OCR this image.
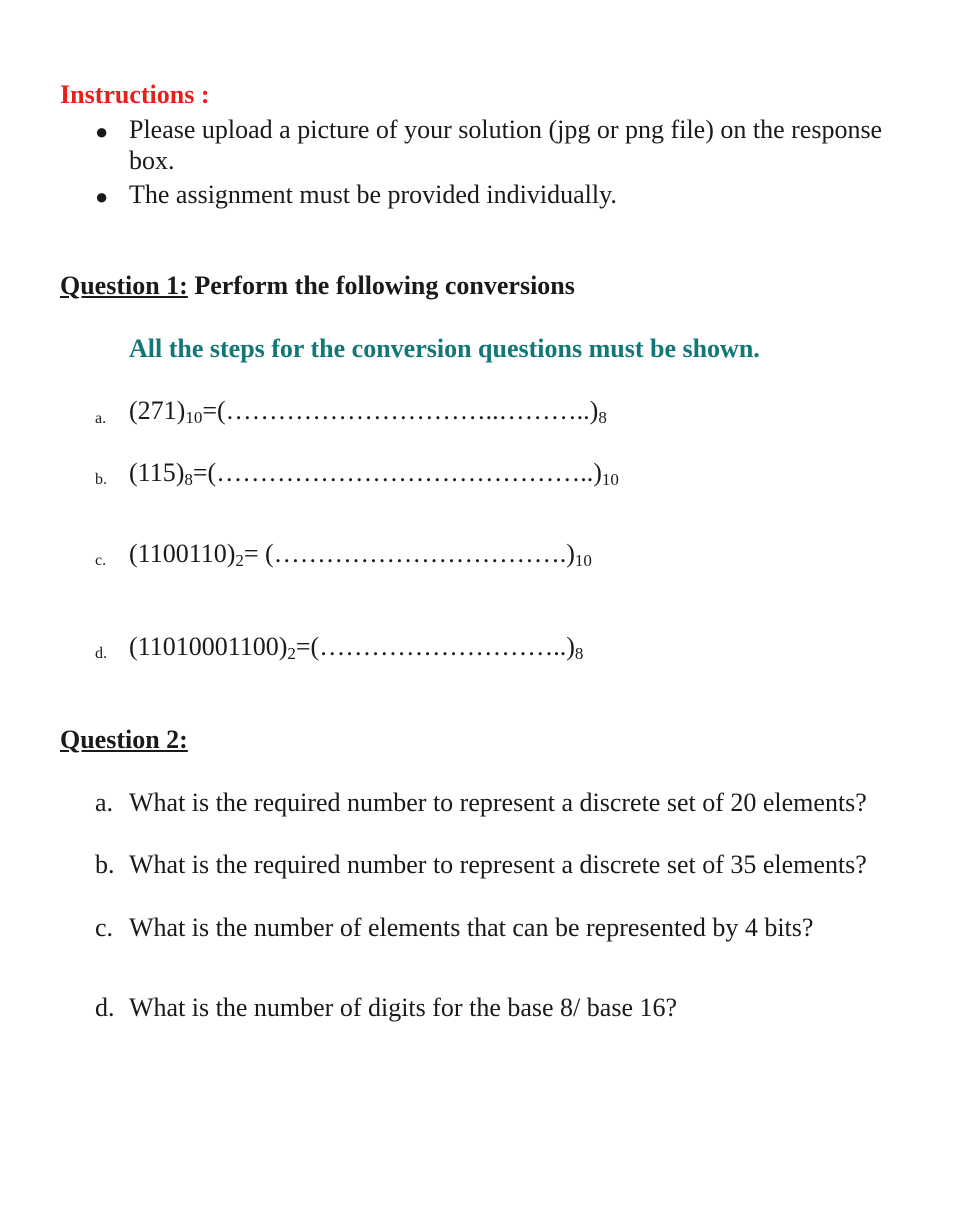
Instructions :
● Please upload a picture of your solution (jpg or png file) on the response box.
● The assignment must be provided individually.
Question 1: Perform the following conversions
All the steps for the conversion questions must be shown.
a. $(271)_{10}=(\dots\dots\dots\dots\dots\dots\dots\dots\dots\dots..\dots\dots\dots..)_8$
b. $(115)_8=(\dots\dots\dots\dots\dots\dots\dots\dots\dots\dots\dots\dots\dots\dots..)_{10}$
c. $(1100110)_2=$ $(\dots\dots\dots\dots\dots\dots\dots\dots\dots\dots\dots.)_{10}$
d. $(11010001100)_2=(\dots\dots\dots\dots\dots\dots\dots\dots\dots..)_8$
Question 2:
a. What is the required number to represent a discrete set of 20 elements?
b. What is the required number to represent a discrete set of 35 elements?
c. What is the number of elements that can be represented by 4 bits?
d. What is the number of digits for the base 8/ base 16?
